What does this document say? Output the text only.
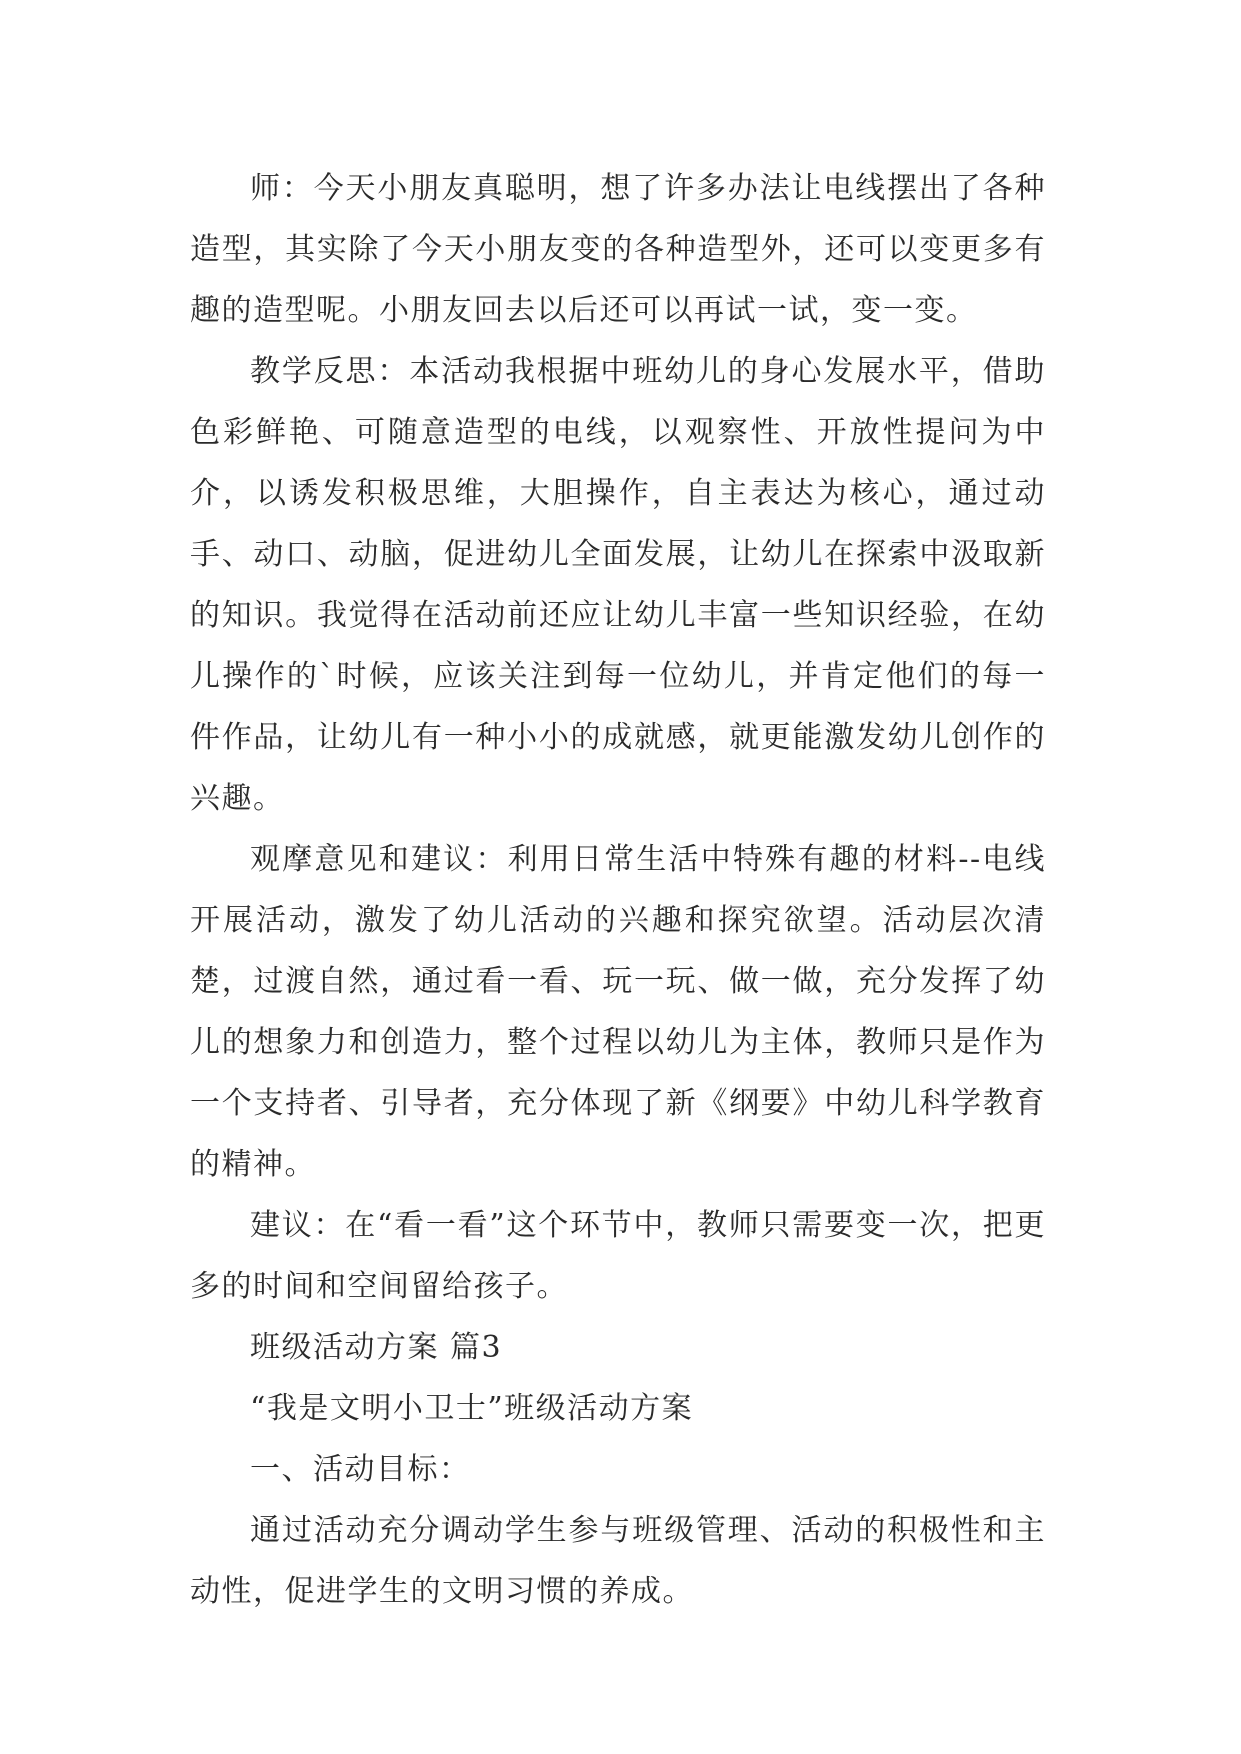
师：今天小朋友真聪明，想了许多办法让电线摆出了各种造型，其实除了今天小朋友变的各种造型外，还可以变更多有趣的造型呢。小朋友回去以后还可以再试一试，变一变。

教学反思：本活动我根据中班幼儿的身心发展水平，借助色彩鲜艳、可随意造型的电线，以观察性、开放性提问为中介，以诱发积极思维，大胆操作，自主表达为核心，通过动手、动口、动脑，促进幼儿全面发展，让幼儿在探索中汲取新的知识。我觉得在活动前还应让幼儿丰富一些知识经验，在幼儿操作的`时候，应该关注到每一位幼儿，并肯定他们的每一件作品，让幼儿有一种小小的成就感，就更能激发幼儿创作的兴趣。

观摩意见和建议：利用日常生活中特殊有趣的材料--电线开展活动，激发了幼儿活动的兴趣和探究欲望。活动层次清楚，过渡自然，通过看一看、玩一玩、做一做，充分发挥了幼儿的想象力和创造力，整个过程以幼儿为主体，教师只是作为一个支持者、引导者，充分体现了新《纲要》中幼儿科学教育的精神。

建议：在“看一看”这个环节中，教师只需要变一次，把更多的时间和空间留给孩子。

班级活动方案 篇3

“我是文明小卫士”班级活动方案

一、活动目标：

通过活动充分调动学生参与班级管理、活动的积极性和主动性，促进学生的文明习惯的养成。
